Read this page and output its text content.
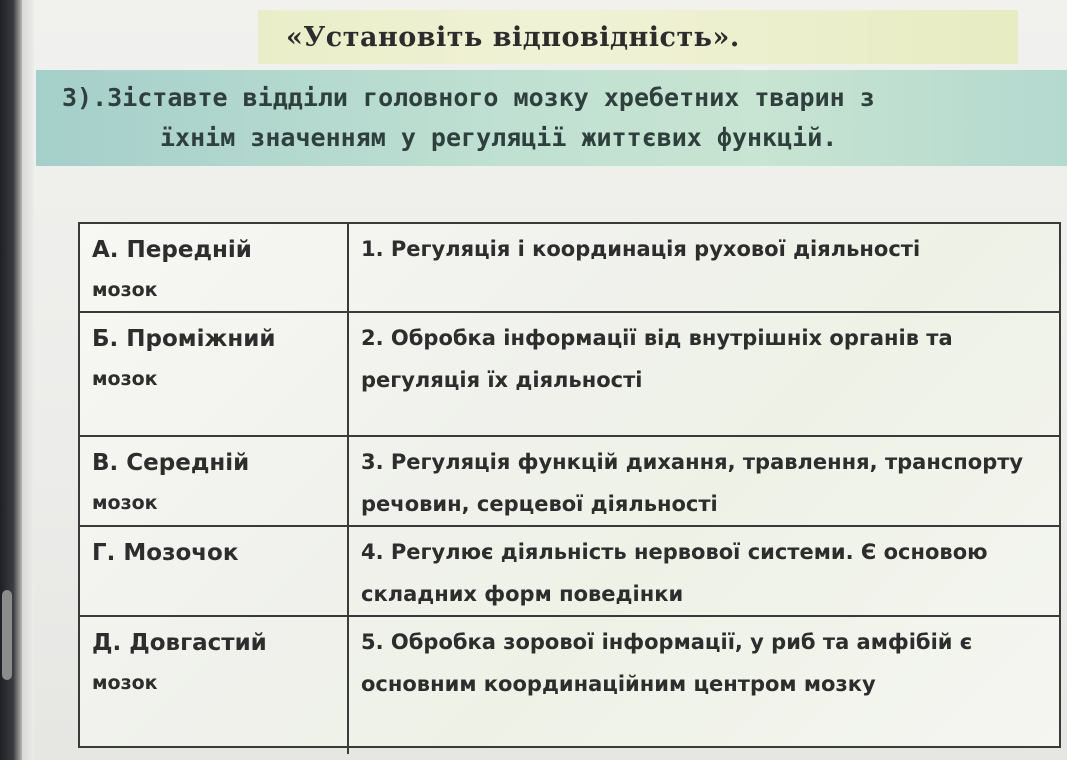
«Установіть відповідність».

3).Зіставте відділи головного мозку хребетних тварин з

їхнім значенням у регуляції життєвих функцій.

А. Передній
мозок	1. Регуляція і координація рухової діяльності
Б. Проміжний
мозок	2. Обробка інформації від внутрішніх органів та регуляція їх діяльності
В. Середній
мозок	3. Регуляція функцій дихання, травлення, транспорту речовин, серцевої діяльності
Г. Мозочок	4. Регулює діяльність нервової системи. Є основою складних форм поведінки
Д. Довгастий
мозок	5. Обробка зорової інформації, у риб та амфібій є основним координаційним центром мозку
